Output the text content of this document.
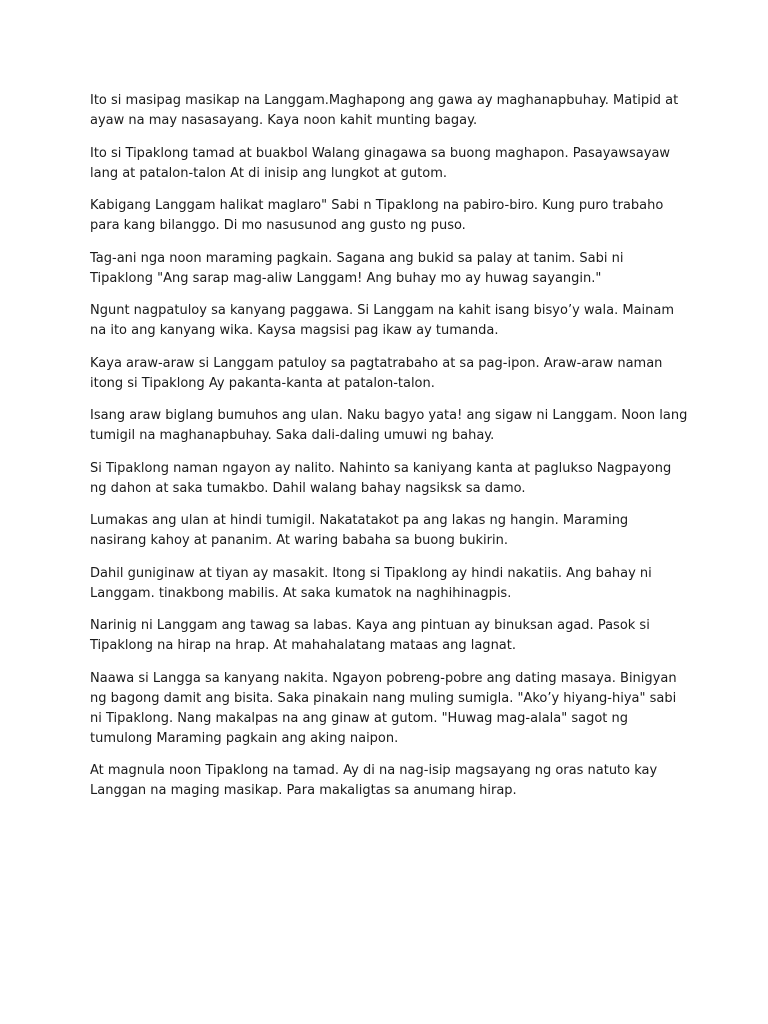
Ito si masipag masikap na Langgam.Maghapong ang gawa ay maghanapbuhay. Matipid at ayaw na may nasasayang. Kaya noon kahit munting bagay.

Ito si Tipaklong tamad at buakbol Walang ginagawa sa buong maghapon. Pasayawsayaw lang at patalon-talon At di inisip ang lungkot at gutom.

Kabigang Langgam halikat maglaro" Sabi n Tipaklong na pabiro-biro. Kung puro trabaho para kang bilanggo. Di mo nasusunod ang gusto ng puso.

Tag-ani nga noon maraming pagkain. Sagana ang bukid sa palay at tanim. Sabi ni Tipaklong "Ang sarap mag-aliw Langgam! Ang buhay mo ay huwag sayangin."

Ngunt nagpatuloy sa kanyang paggawa. Si Langgam na kahit isang bisyo’y wala. Mainam na ito ang kanyang wika. Kaysa magsisi pag ikaw ay tumanda.

Kaya araw-araw si Langgam patuloy sa pagtatrabaho at sa pag-ipon. Araw-araw naman itong si Tipaklong Ay pakanta-kanta at patalon-talon.

Isang araw biglang bumuhos ang ulan. Naku bagyo yata! ang sigaw ni Langgam. Noon lang tumigil na maghanapbuhay. Saka dali-daling umuwi ng bahay.

Si Tipaklong naman ngayon ay nalito. Nahinto sa kaniyang kanta at paglukso Nagpayong ng dahon at saka tumakbo. Dahil walang bahay nagsiksk sa damo.

Lumakas ang ulan at hindi tumigil. Nakatatakot pa ang lakas ng hangin. Maraming nasirang kahoy at pananim. At waring babaha sa buong bukirin.

Dahil guniginaw at tiyan ay masakit. Itong si Tipaklong ay hindi nakatiis. Ang bahay ni Langgam. tinakbong mabilis. At saka kumatok na naghihinagpis.

Narinig ni Langgam ang tawag sa labas. Kaya ang pintuan ay binuksan agad. Pasok si Tipaklong na hirap na hrap. At mahahalatang mataas ang lagnat.

Naawa si Langga sa kanyang nakita. Ngayon pobreng-pobre ang dating masaya. Binigyan ng bagong damit ang bisita. Saka pinakain nang muling sumigla. "Ako’y hiyang-hiya" sabi ni Tipaklong. Nang makalpas na ang ginaw at gutom. "Huwag mag-alala" sagot ng tumulong Maraming pagkain ang aking naipon.

At magnula noon Tipaklong na tamad. Ay di na nag-isip magsayang ng oras natuto kay Langgan na maging masikap. Para makaligtas sa anumang hirap.
